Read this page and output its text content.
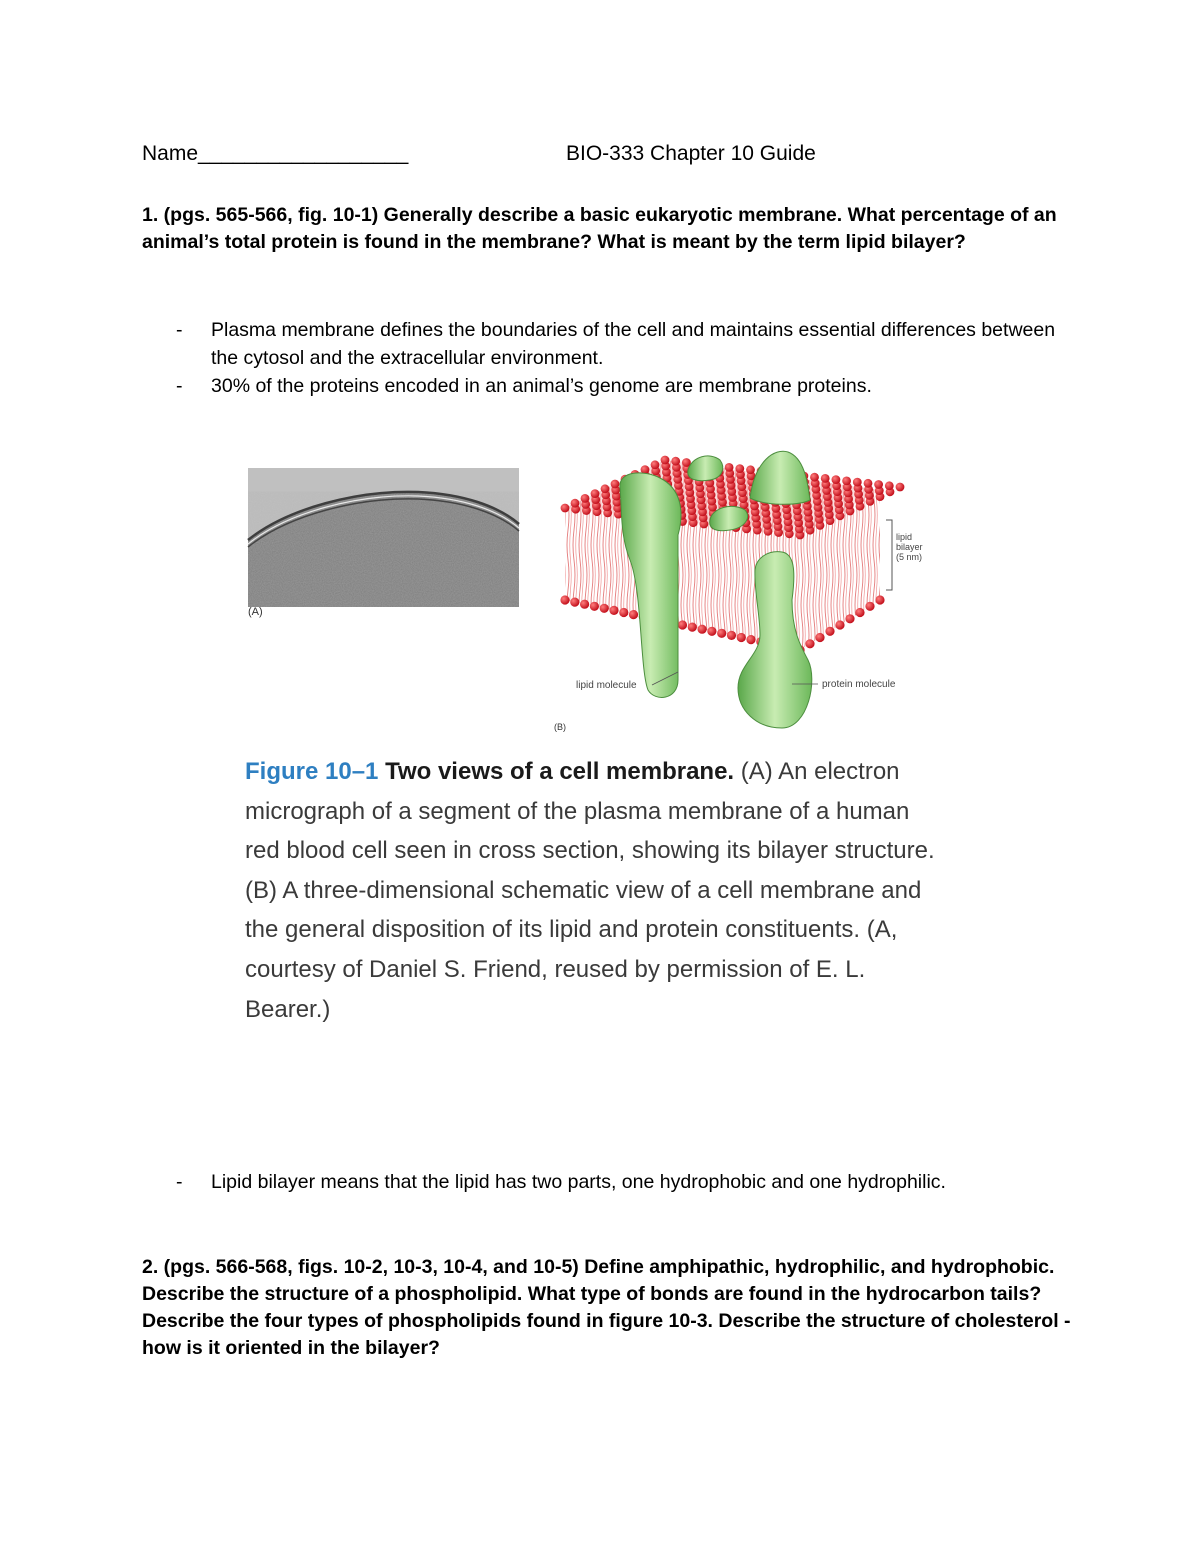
Name__________________	BIO-333 Chapter 10 Guide
1. (pgs. 565-566, fig. 10-1) Generally describe a basic eukaryotic membrane. What percentage of an animal’s total protein is found in the membrane? What is meant by the term lipid bilayer?

- Plasma membrane defines the boundaries of the cell and maintains essential differences between the cytosol and the extracellular environment.

- 30% of the proteins encoded in an animal’s genome are membrane proteins.

(A)
lipid
bilayer
(5 nm)
lipid molecule	protein molecule
(B)
Figure 10–1 Two views of a cell membrane. (A) An electron micrograph of a segment of the plasma membrane of a human red blood cell seen in cross section, showing its bilayer structure. (B) A three-dimensional schematic view of a cell membrane and the general disposition of its lipid and protein constituents. (A, courtesy of Daniel S. Friend, reused by permission of E. L. Bearer.)

- Lipid bilayer means that the lipid has two parts, one hydrophobic and one hydrophilic.

2. (pgs. 566-568, figs. 10-2, 10-3, 10-4, and 10-5) Define amphipathic, hydrophilic, and hydrophobic. Describe the structure of a phospholipid. What type of bonds are found in the hydrocarbon tails? Describe the four types of phospholipids found in figure 10-3. Describe the structure of cholesterol - how is it oriented in the bilayer?
